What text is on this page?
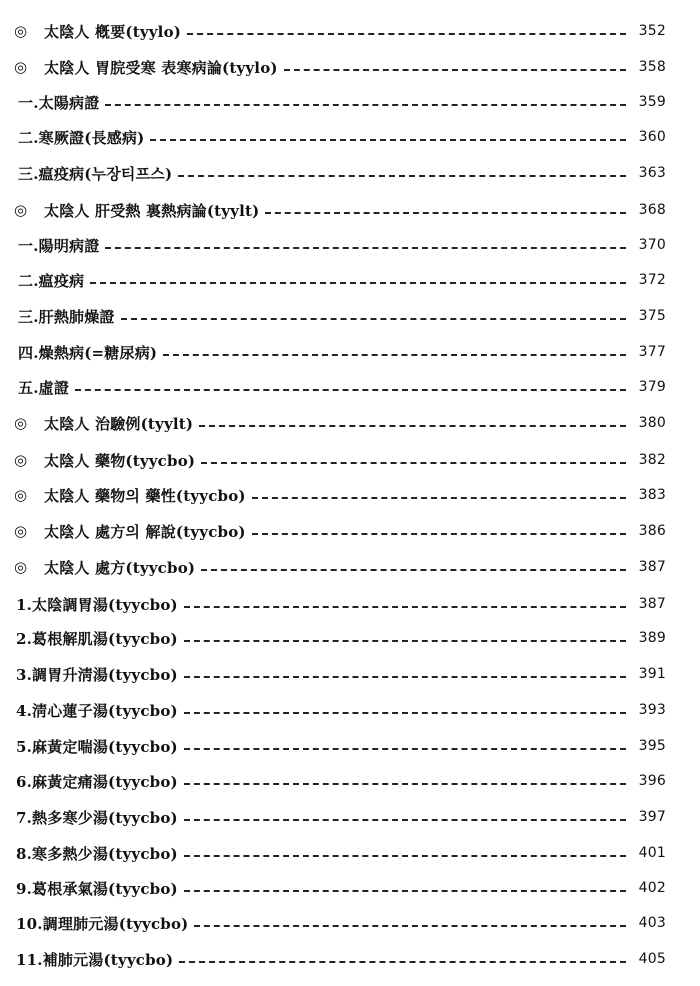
◎	太陰人 槪要(tyylo)	352
◎	太陰人 胃脘受寒 表寒病論(tyylo)	358
一.太陽病證	359
二.寒厥證(長感病)	360
三.瘟疫病(누장티프스)	363
◎	太陰人 肝受熱 裏熱病論(tyylt)	368
一.陽明病證	370
二.瘟疫病	372
三.肝熱肺燥證	375
四.燥熱病(=糖尿病)	377
五.虛證	379
◎	太陰人 治驗例(tyylt)	380
◎	太陰人 藥物(tyycbo)	382
◎	太陰人 藥物의 藥性(tyycbo)	383
◎	太陰人 處方의 解說(tyycbo)	386
◎	太陰人 處方(tyycbo)	387
1.太陰調胃湯(tyycbo)	387
2.葛根解肌湯(tyycbo)	389
3.調胃升淸湯(tyycbo)	391
4.淸心蓮子湯(tyycbo)	393
5.麻黃定喘湯(tyycbo)	395
6.麻黃定痛湯(tyycbo)	396
7.熱多寒少湯(tyycbo)	397
8.寒多熱少湯(tyycbo)	401
9.葛根承氣湯(tyycbo)	402
10.調理肺元湯(tyycbo)	403
11.補肺元湯(tyycbo)	405
